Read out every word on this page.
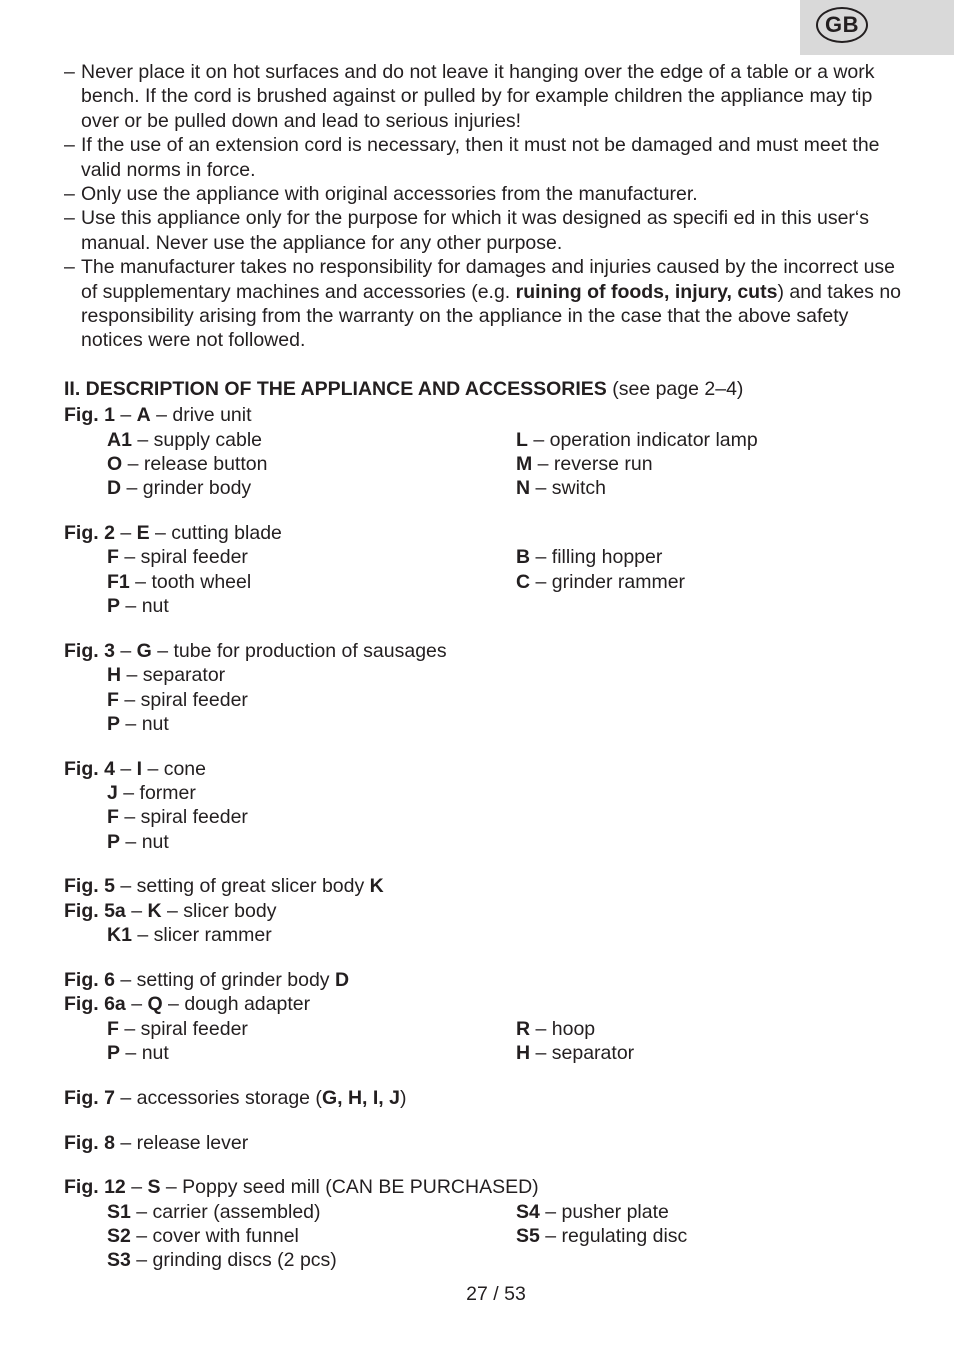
GB
– Never place it on hot surfaces and do not leave it hanging over the edge of a table or a work bench. If the cord is brushed against or pulled by for example children the appliance may tip over or be pulled down and lead to serious injuries!
– If the use of an extension cord is necessary, then it must not be damaged and must meet the valid norms in force.
– Only use the appliance with original accessories from the manufacturer.
– Use this appliance only for the purpose for which it was designed as specifi ed in this user‘s manual. Never use the appliance for any other purpose.
– The manufacturer takes no responsibility for damages and injuries caused by the incorrect use of supplementary machines and accessories (e.g. ruining of foods, injury, cuts) and takes no responsibility arising from the warranty on the appliance in the case that the above safety notices were not followed.
II. DESCRIPTION OF THE APPLIANCE AND ACCESSORIES (see page 2–4)
Fig. 1 – A – drive unit
A1 – supply cable
O – release button
D – grinder body
L – operation indicator lamp
M – reverse run
N – switch
Fig. 2 – E – cutting blade
F – spiral feeder
F1 – tooth wheel
P – nut
B – filling hopper
C – grinder rammer
Fig. 3 – G – tube for production of sausages
H – separator
F – spiral feeder
P – nut
Fig. 4 – I – cone
J – former
F – spiral feeder
P – nut
Fig. 5 – setting of great slicer body K
Fig. 5a – K – slicer body
K1 – slicer rammer
Fig. 6 – setting of grinder body D
Fig. 6a – Q – dough adapter
F – spiral feeder
P – nut
R – hoop
H – separator
Fig. 7 – accessories storage (G, H, I, J)
Fig. 8 – release lever
Fig. 12 – S – Poppy seed mill (CAN BE PURCHASED)
S1 – carrier (assembled)
S2 – cover with funnel
S3 – grinding discs (2 pcs)
S4 – pusher plate
S5 – regulating disc
27 / 53
